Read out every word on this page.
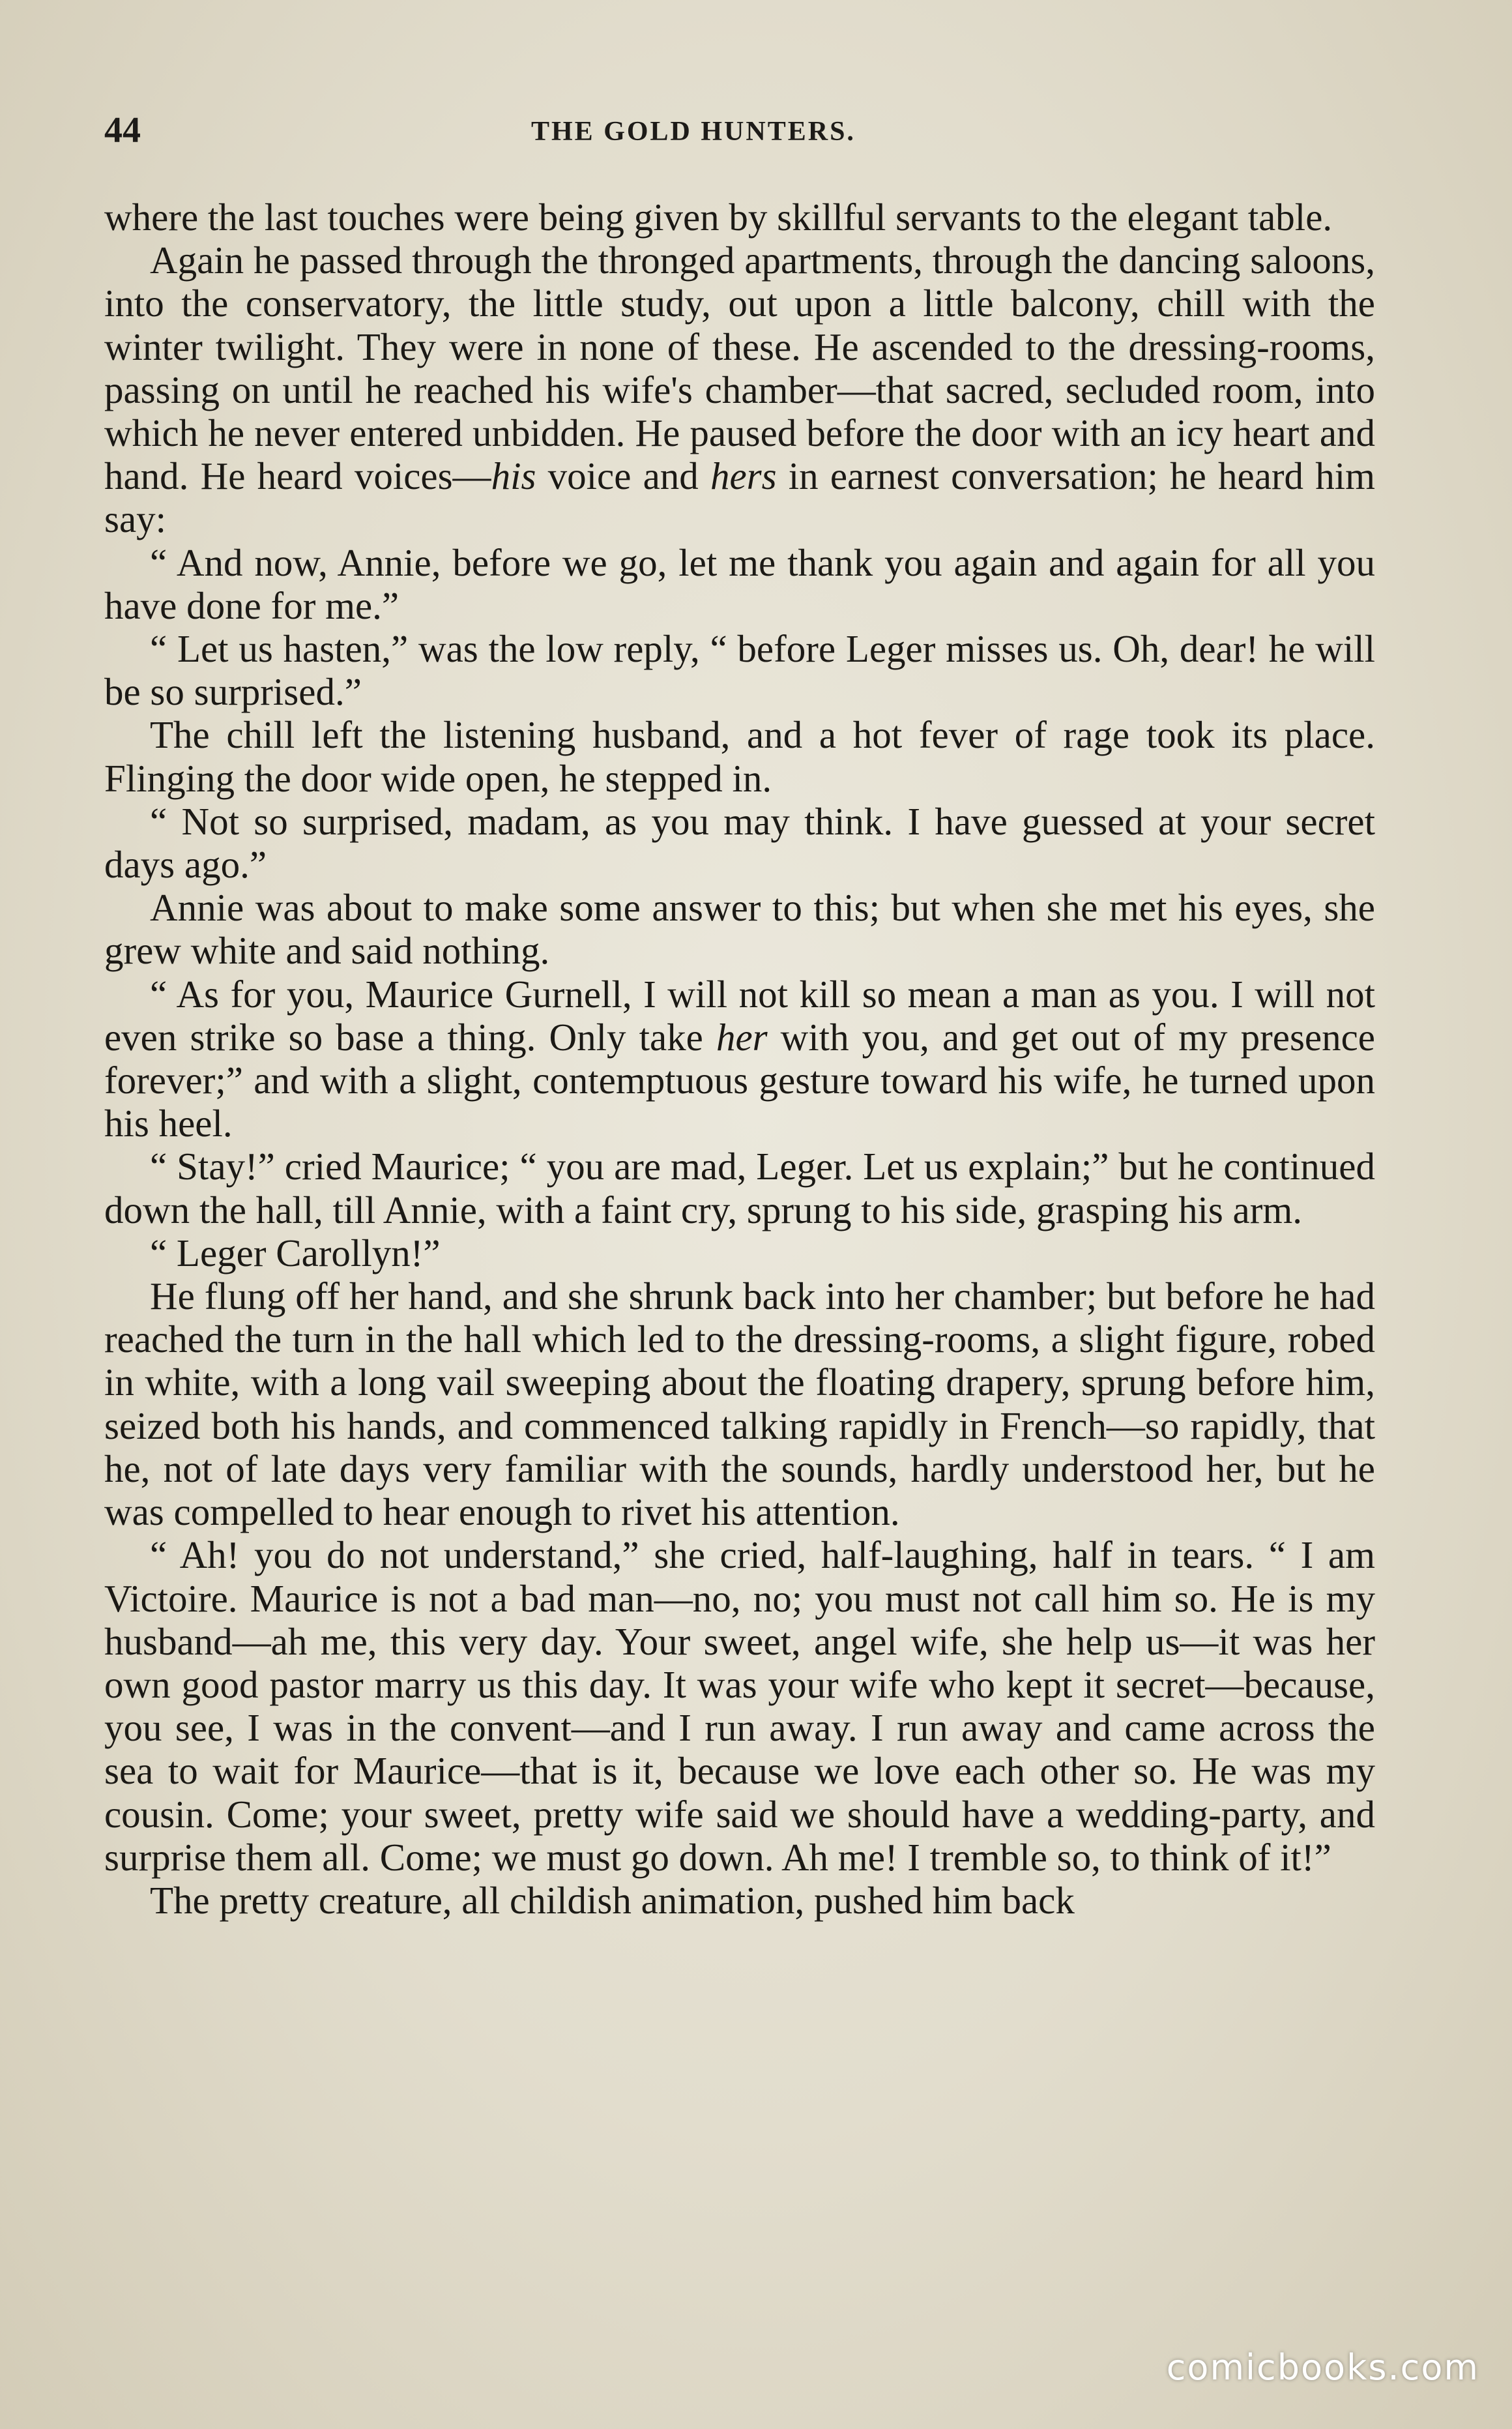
44	THE GOLD HUNTERS.

where the last touches were being given by skillful servants to the elegant table.

Again he passed through the thronged apartments, through the dancing saloons, into the conservatory, the little study, out upon a little balcony, chill with the winter twilight. They were in none of these. He ascended to the dressing-rooms, passing on until he reached his wife's chamber—that sacred, secluded room, into which he never entered unbidden. He paused before the door with an icy heart and hand. He heard voices—his voice and hers in earnest conversation; he heard him say:

“ And now, Annie, before we go, let me thank you again and again for all you have done for me.”

“ Let us hasten,” was the low reply, “ before Leger misses us. Oh, dear! he will be so surprised.”

The chill left the listening husband, and a hot fever of rage took its place. Flinging the door wide open, he stepped in.

“ Not so surprised, madam, as you may think. I have guessed at your secret days ago.”

Annie was about to make some answer to this; but when she met his eyes, she grew white and said nothing.

“ As for you, Maurice Gurnell, I will not kill so mean a man as you. I will not even strike so base a thing. Only take her with you, and get out of my presence forever;” and with a slight, contemptuous gesture toward his wife, he turned upon his heel.

“ Stay!” cried Maurice; “ you are mad, Leger. Let us explain;” but he continued down the hall, till Annie, with a faint cry, sprung to his side, grasping his arm.

“ Leger Carollyn!”

He flung off her hand, and she shrunk back into her chamber; but before he had reached the turn in the hall which led to the dressing-rooms, a slight figure, robed in white, with a long vail sweeping about the floating drapery, sprung before him, seized both his hands, and commenced talking rapidly in French—so rapidly, that he, not of late days very familiar with the sounds, hardly understood her, but he was compelled to hear enough to rivet his attention.

“ Ah! you do not understand,” she cried, half-laughing, half in tears. “ I am Victoire. Maurice is not a bad man—no, no; you must not call him so. He is my husband—ah me, this very day. Your sweet, angel wife, she help us—it was her own good pastor marry us this day. It was your wife who kept it secret—because, you see, I was in the convent—and I run away. I run away and came across the sea to wait for Maurice—that is it, because we love each other so. He was my cousin. Come; your sweet, pretty wife said we should have a wedding-party, and surprise them all. Come; we must go down. Ah me! I tremble so, to think of it!”

The pretty creature, all childish animation, pushed him back

comicbooks.com
